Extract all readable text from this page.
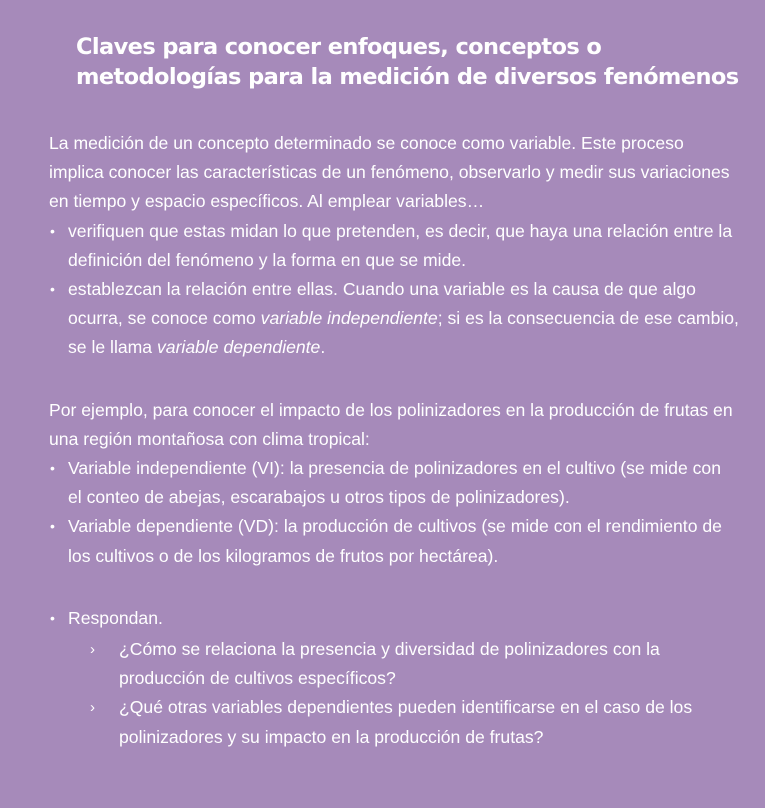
Claves para conocer enfoques, conceptos o
metodologías para la medición de diversos fenómenos

La medición de un concepto determinado se conoce como variable. Este proceso implica conocer las características de un fenómeno, observarlo y medir sus variaciones en tiempo y espacio específicos. Al emplear variables…

• verifiquen que estas midan lo que pretenden, es decir, que haya una relación entre la definición del fenómeno y la forma en que se mide.
• establezcan la relación entre ellas. Cuando una variable es la causa de que algo ocurra, se conoce como variable independiente; si es la consecuencia de ese cambio, se le llama variable dependiente.

Por ejemplo, para conocer el impacto de los polinizadores en la producción de frutas en una región montañosa con clima tropical:

• Variable independiente (VI): la presencia de polinizadores en el cultivo (se mide con el conteo de abejas, escarabajos u otros tipos de polinizadores).
• Variable dependiente (VD): la producción de cultivos (se mide con el rendimiento de los cultivos o de los kilogramos de frutos por hectárea).
• Respondan.
› ¿Cómo se relaciona la presencia y diversidad de polinizadores con la producción de cultivos específicos?
› ¿Qué otras variables dependientes pueden identificarse en el caso de los polinizadores y su impacto en la producción de frutas?
